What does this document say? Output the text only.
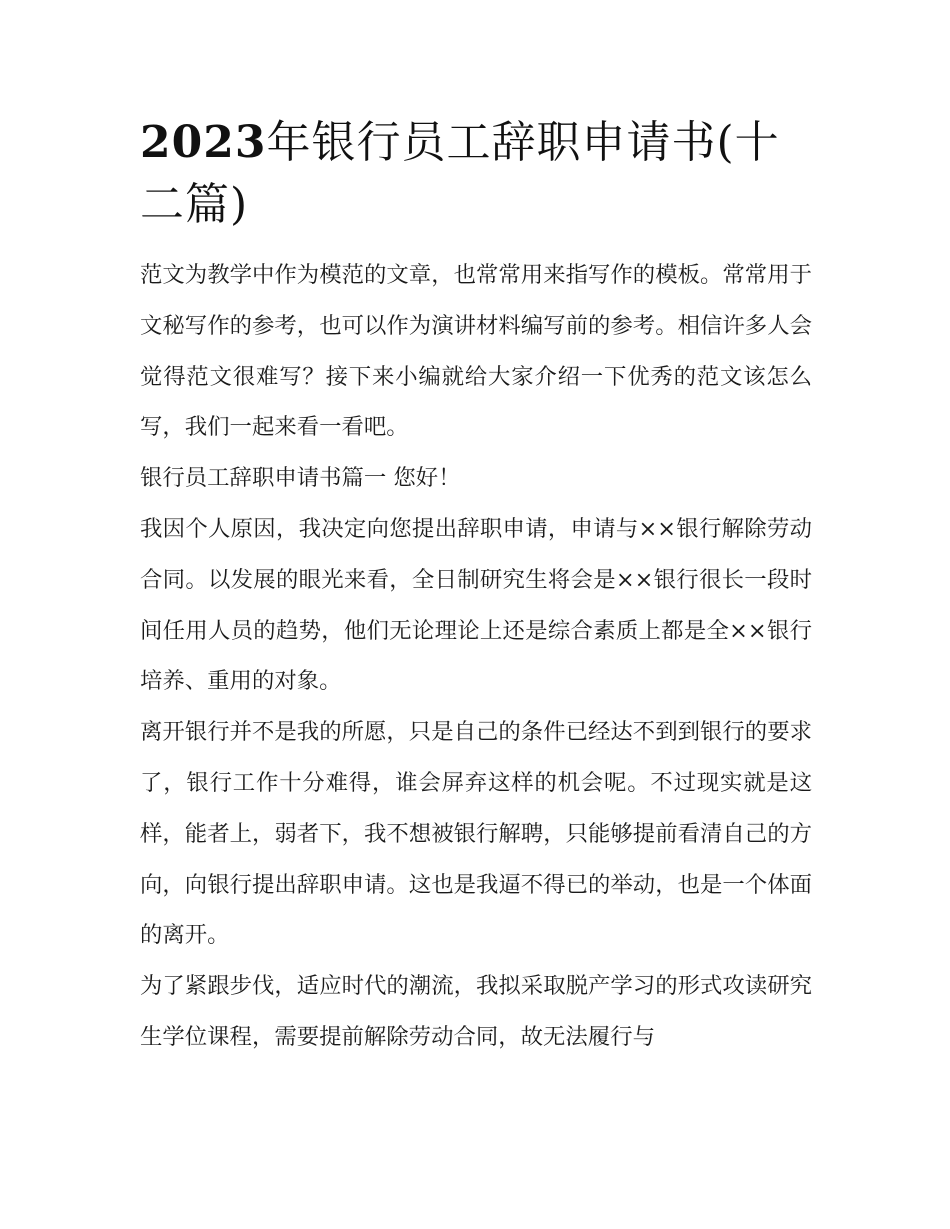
2023年银行员工辞职申请书(十二篇)

范文为教学中作为模范的文章，也常常用来指写作的模板。常常用于文秘写作的参考，也可以作为演讲材料编写前的参考。相信许多人会觉得范文很难写？接下来小编就给大家介绍一下优秀的范文该怎么写，我们一起来看一看吧。

银行员工辞职申请书篇一 您好！

我因个人原因，我决定向您提出辞职申请，申请与××银行解除劳动合同。以发展的眼光来看，全日制研究生将会是××银行很长一段时间任用人员的趋势，他们无论理论上还是综合素质上都是全××银行培养、重用的对象。

离开银行并不是我的所愿，只是自己的条件已经达不到到银行的要求了，银行工作十分难得，谁会屏弃这样的机会呢。不过现实就是这样，能者上，弱者下，我不想被银行解聘，只能够提前看清自己的方向，向银行提出辞职申请。这也是我逼不得已的举动，也是一个体面的离开。

为了紧跟步伐，适应时代的潮流，我拟采取脱产学习的形式攻读研究生学位课程，需要提前解除劳动合同，故无法履行与
